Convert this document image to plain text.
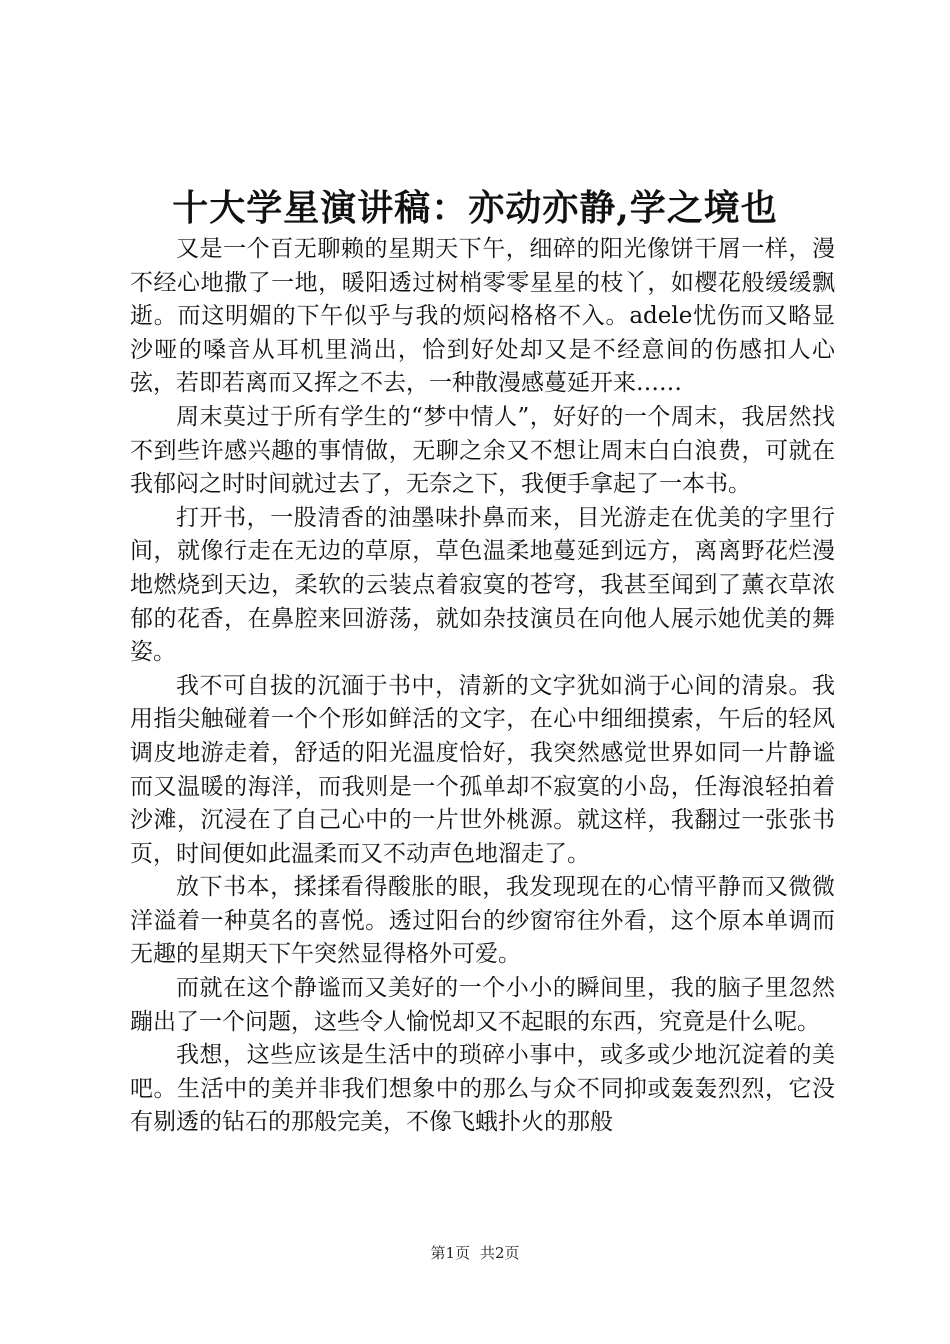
十大学星演讲稿：亦动亦静,学之境也

又是一个百无聊赖的星期天下午，细碎的阳光像饼干屑一样，漫不经心地撒了一地，暖阳透过树梢零零星星的枝丫，如樱花般缓缓飘逝。而这明媚的下午似乎与我的烦闷格格不入。adele忧伤而又略显沙哑的嗓音从耳机里淌出，恰到好处却又是不经意间的伤感扣人心弦，若即若离而又挥之不去，一种散漫感蔓延开来……

周末莫过于所有学生的“梦中情人”，好好的一个周末，我居然找不到些许感兴趣的事情做，无聊之余又不想让周末白白浪费，可就在我郁闷之时时间就过去了，无奈之下，我便手拿起了一本书。

打开书，一股清香的油墨味扑鼻而来，目光游走在优美的字里行间，就像行走在无边的草原，草色温柔地蔓延到远方，离离野花烂漫地燃烧到天边，柔软的云装点着寂寞的苍穹，我甚至闻到了薰衣草浓郁的花香，在鼻腔来回游荡，就如杂技演员在向他人展示她优美的舞姿。

我不可自拔的沉湎于书中，清新的文字犹如淌于心间的清泉。我用指尖触碰着一个个形如鲜活的文字，在心中细细摸索，午后的轻风调皮地游走着，舒适的阳光温度恰好，我突然感觉世界如同一片静谧而又温暖的海洋，而我则是一个孤单却不寂寞的小岛，任海浪轻拍着沙滩，沉浸在了自己心中的一片世外桃源。就这样，我翻过一张张书页，时间便如此温柔而又不动声色地溜走了。

放下书本，揉揉看得酸胀的眼，我发现现在的心情平静而又微微洋溢着一种莫名的喜悦。透过阳台的纱窗帘往外看，这个原本单调而无趣的星期天下午突然显得格外可爱。

而就在这个静谧而又美好的一个小小的瞬间里，我的脑子里忽然蹦出了一个问题，这些令人愉悦却又不起眼的东西，究竟是什么呢。

我想，这些应该是生活中的琐碎小事中，或多或少地沉淀着的美吧。生活中的美并非我们想象中的那么与众不同抑或轰轰烈烈，它没有剔透的钻石的那般完美，不像飞蛾扑火的那般

第1页 共2页
